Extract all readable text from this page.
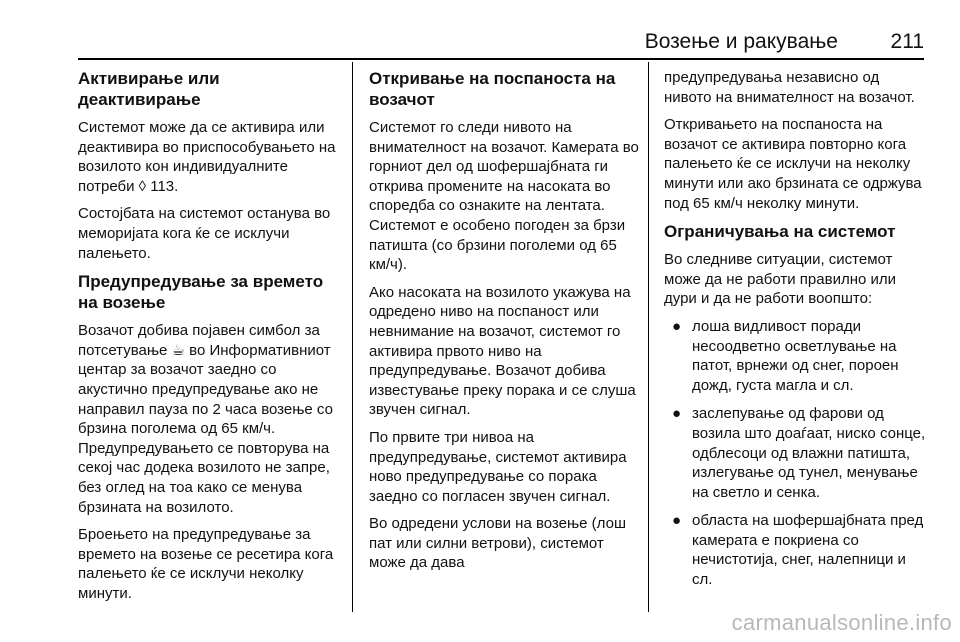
Возење и ракување	211
Активирање или деактивирање

Системот може да се активира или деактивира во приспособувањето на возилото кон индивидуалните потреби ◊ 113.

Состојбата на системот останува во меморијата кога ќе се исклучи палењето.

Предупредување за времето на возење

Возачот добива појавен симбол за потсетување ☕ во Информативниот центар за возачот заедно со акустично предупредување ако не направил пауза по 2 часа возење со брзина поголема од 65 км/ч. Предупредувањето се повторува на секој час додека возилото не запре, без оглед на тоа како се менува брзината на возилото.

Броењето на предупредување за времето на возење се ресетира кога палењето ќе се исклучи неколку минути.

Откривање на поспаноста на возачот

Системот го следи нивото на внимателност на возачот. Камерата во горниот дел од шофершајбната ги открива промените на насоката во споредба со ознаките на лентата. Системот е особено погоден за брзи патишта (со брзини поголеми од 65 км/ч).

Ако насоката на возилото укажува на одредено ниво на поспаност или невнимание на возачот, системот го активира првото ниво на предупредување. Возачот добива известување преку порака и се слуша звучен сигнал.

По првите три нивоа на предупредување, системот активира ново предупредување со порака заедно со погласен звучен сигнал.

Во одредени услови на возење (лош пат или силни ветрови), системот може да дава

предупредувања независно од нивото на внимателност на возачот.

Откривањето на поспаноста на возачот се активира повторно кога палењето ќе се исклучи на неколку минути или ако брзината се одржува под 65 км/ч неколку минути.

Ограничувања на системот

Во следниве ситуации, системот може да не работи правилно или дури и да не работи воопшто:

● лоша видливост поради несоодветно осветлување на патот, врнежи од снег, пороен дожд, густа магла и сл.
● заслепување од фарови од возила што доаѓаат, ниско сонце, одблесоци од влажни патишта, излегување од тунел, менување на светло и сенка.
● областа на шофершајбната пред камерата е покриена со нечистотија, снег, налепници и сл.
carmanualsonline.info
